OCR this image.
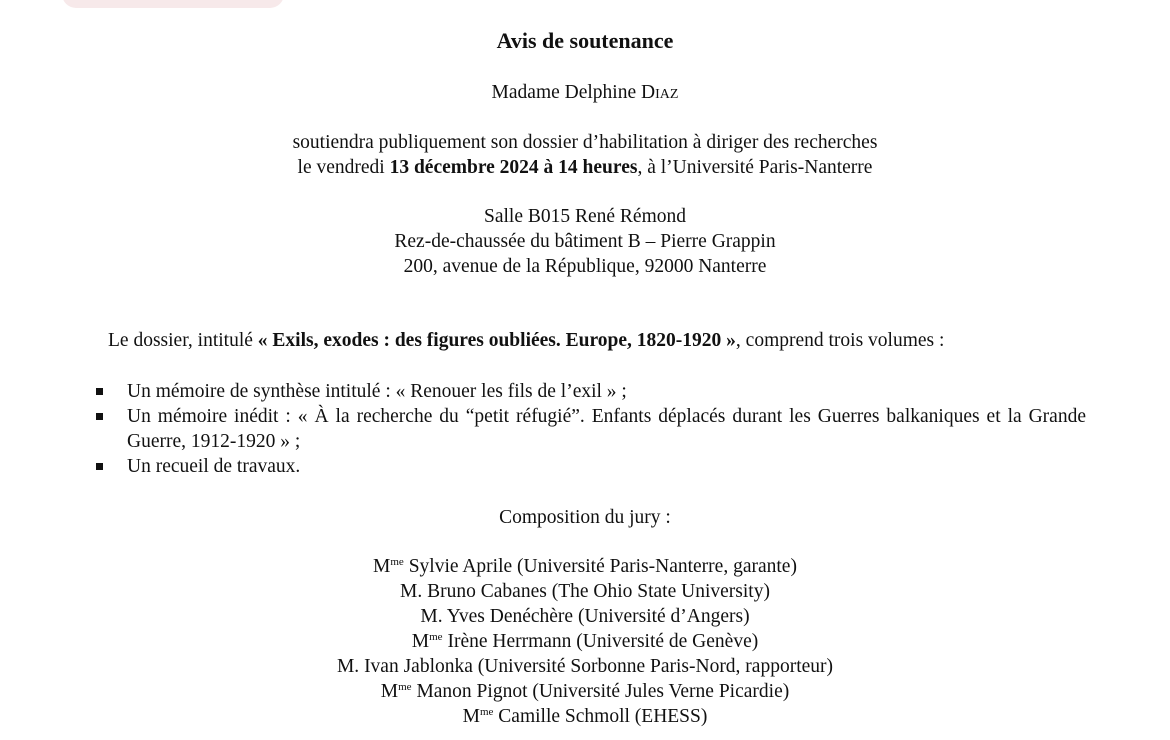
Avis de soutenance
Madame Delphine Diaz
soutiendra publiquement son dossier d’habilitation à diriger des recherches
le vendredi 13 décembre 2024 à 14 heures, à l’Université Paris-Nanterre
Salle B015 René Rémond
Rez-de-chaussée du bâtiment B – Pierre Grappin
200, avenue de la République, 92000 Nanterre
Le dossier, intitulé « Exils, exodes : des figures oubliées. Europe, 1820-1920 », comprend trois volumes :
Un mémoire de synthèse intitulé : « Renouer les fils de l’exil » ;
Un mémoire inédit : « À la recherche du “petit réfugié”. Enfants déplacés durant les Guerres balkaniques et la Grande Guerre, 1912-1920 » ;
Un recueil de travaux.
Composition du jury :
$M^{me}$ Sylvie Aprile (Université Paris-Nanterre, garante)
M. Bruno Cabanes (The Ohio State University)
M. Yves Denéchère (Université d’Angers)
$M^{me}$ Irène Herrmann (Université de Genève)
M. Ivan Jablonka (Université Sorbonne Paris-Nord, rapporteur)
$M^{me}$ Manon Pignot (Université Jules Verne Picardie)
$M^{me}$ Camille Schmoll (EHESS)
